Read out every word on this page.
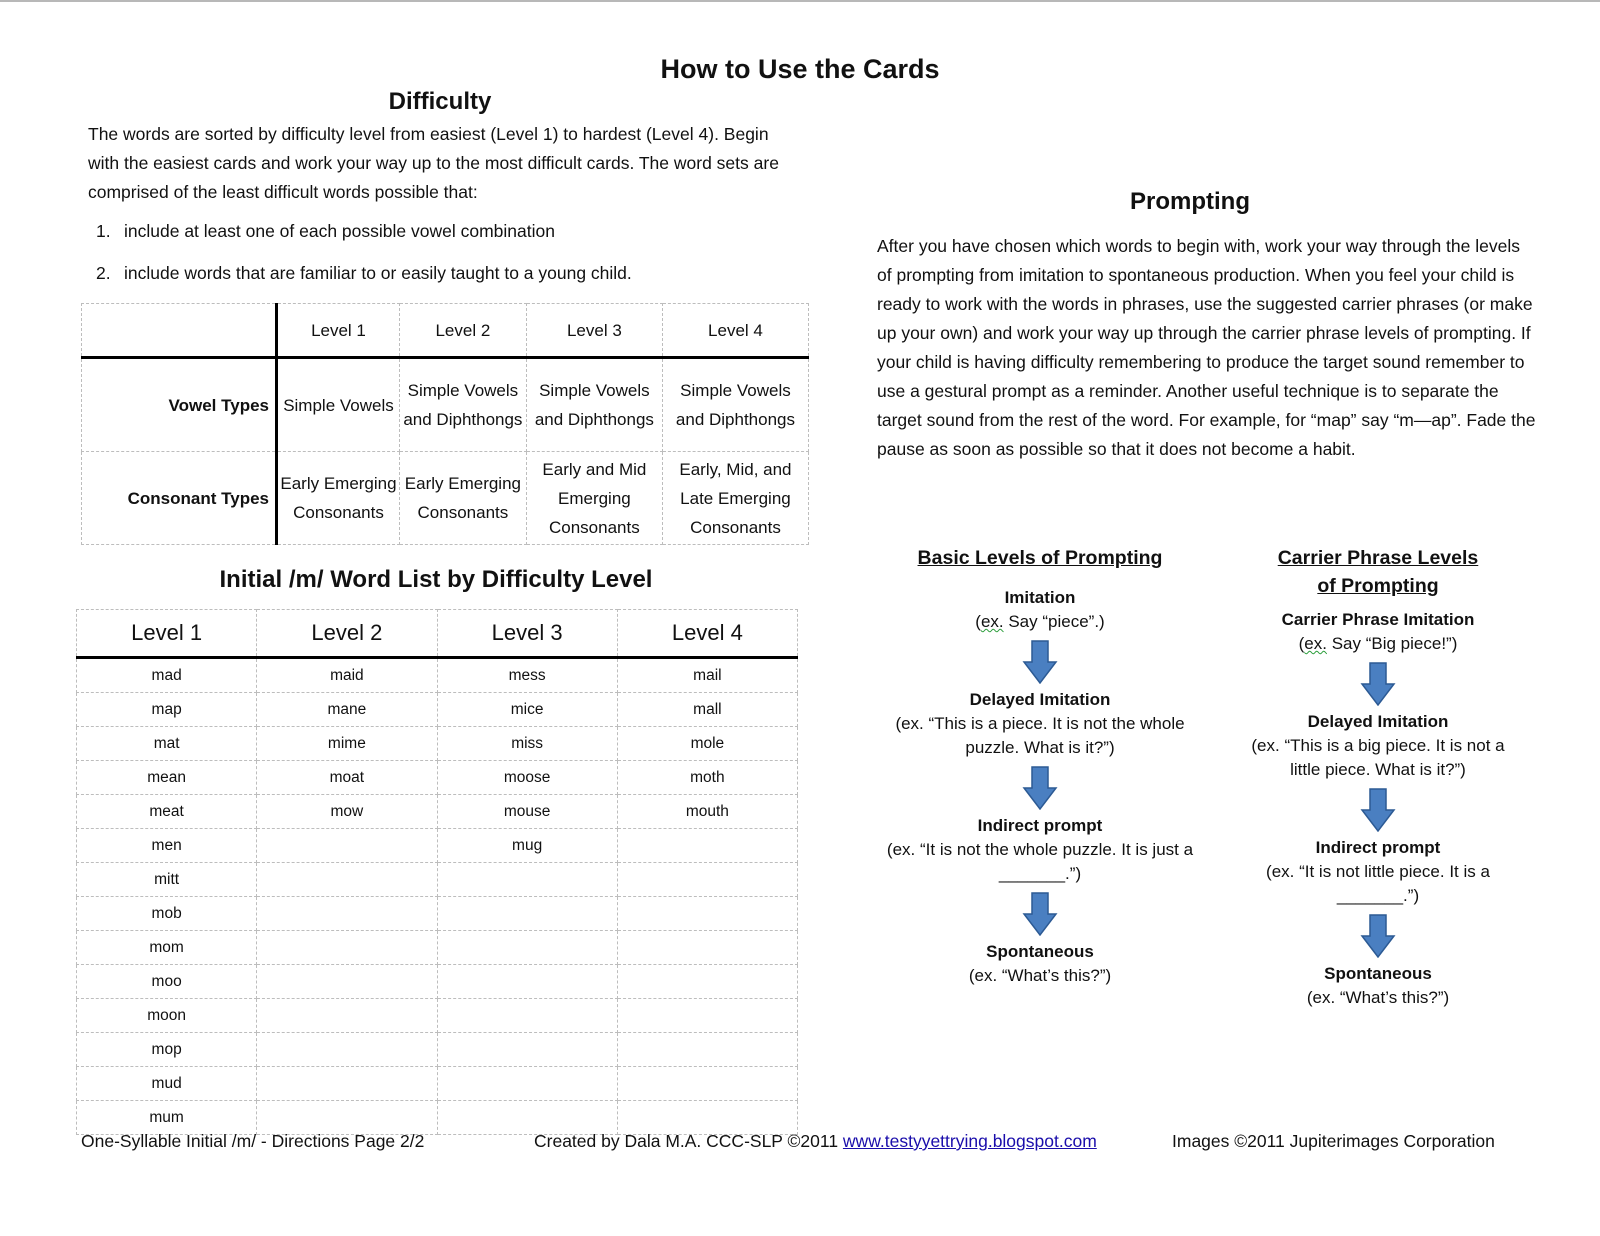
How to Use the Cards
Difficulty

The words are sorted by difficulty level from easiest (Level 1) to hardest (Level 4). Begin with the easiest cards and work your way up to the most difficult cards. The word sets are comprised of the least difficult words possible that:

1. include at least one of each possible vowel combination
2. include words that are familiar to or easily taught to a young child.
	Level 1	Level 2	Level 3	Level 4
Vowel Types	Simple Vowels	Simple Vowels and Diphthongs	Simple Vowels and Diphthongs	Simple Vowels and Diphthongs
Consonant Types	Early Emerging Consonants	Early Emerging Consonants	Early and Mid Emerging Consonants	Early, Mid, and Late Emerging Consonants
Initial /m/ Word List by Difficulty Level
Level 1	Level 2	Level 3	Level 4
mad	maid	mess	mail
map	mane	mice	mall
mat	mime	miss	mole
mean	moat	moose	moth
meat	mow	mouse	mouth
men		mug	
mitt			
mob			
mom			
moo			
moon			
mop			
mud			
mum			
Prompting

After you have chosen which words to begin with, work your way through the levels of prompting from imitation to spontaneous production. When you feel your child is ready to work with the words in phrases, use the suggested carrier phrases (or make up your own) and work your way up through the carrier phrase levels of prompting. If your child is having difficulty remembering to produce the target sound remember to use a gestural prompt as a reminder. Another useful technique is to separate the target sound from the rest of the word. For example, for “map” say “m—ap”. Fade the pause as soon as possible so that it does not become a habit.

Basic Levels of Prompting
Imitation
(ex. Say “piece”.)
Delayed Imitation
(ex. “This is a piece. It is not the whole puzzle. What is it?”)
Indirect prompt
(ex. “It is not the whole puzzle. It is just a _______.”)
Spontaneous
(ex. “What’s this?”)
Carrier Phrase Levels of Prompting
Carrier Phrase Imitation
(ex. Say “Big piece!”)
Delayed Imitation
(ex. “This is a big piece. It is not a little piece. What is it?”)
Indirect prompt
(ex. “It is not little piece. It is a _______.”)
Spontaneous
(ex. “What’s this?”)
One-Syllable Initial /m/ - Directions Page 2/2	Created by Dala M.A. CCC-SLP ©2011 www.testyyettrying.blogspot.com	Images ©2011 Jupiterimages Corporation
